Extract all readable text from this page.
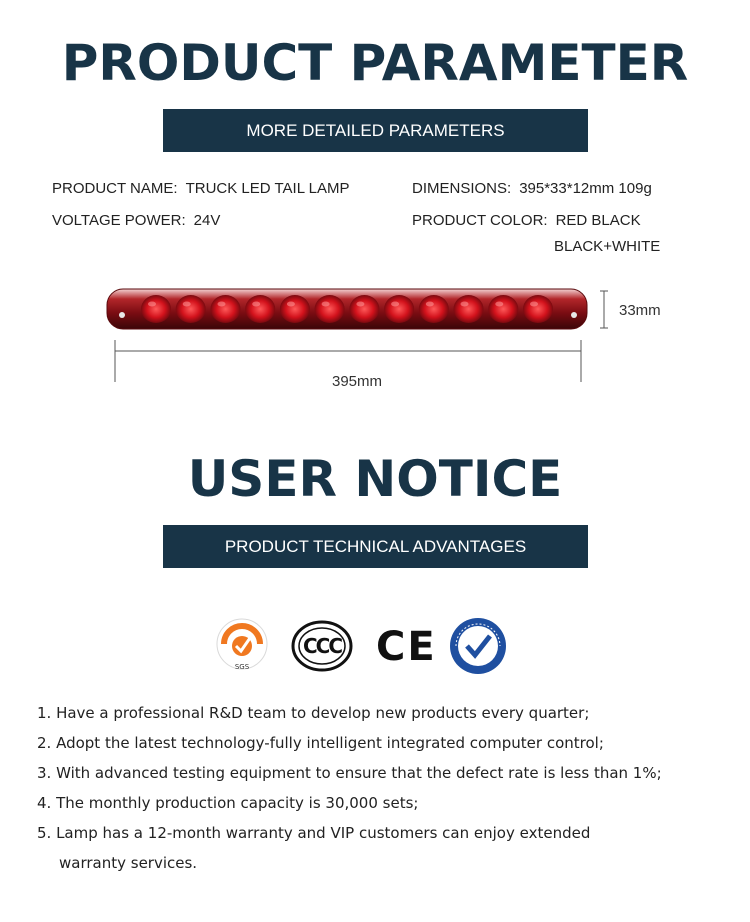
PRODUCT PARAMETER
MORE DETAILED PARAMETERS
PRODUCT NAME: TRUCK LED TAIL LAMP	DIMENSIONS: 395*33*12mm 109g
VOLTAGE POWER: 24V	PRODUCT COLOR: RED BLACK
BLACK+WHITE
33mm
395mm
USER NOTICE
PRODUCT TECHNICAL ADVANTAGES
SGS
CCC CE
1. Have a professional R&D team to develop new products every quarter;
2. Adopt the latest technology-fully intelligent integrated computer control;
3. With advanced testing equipment to ensure that the defect rate is less than 1%;
4. The monthly production capacity is 30,000 sets;
5. Lamp has a 12-month warranty and VIP customers can enjoy extended
warranty services.
